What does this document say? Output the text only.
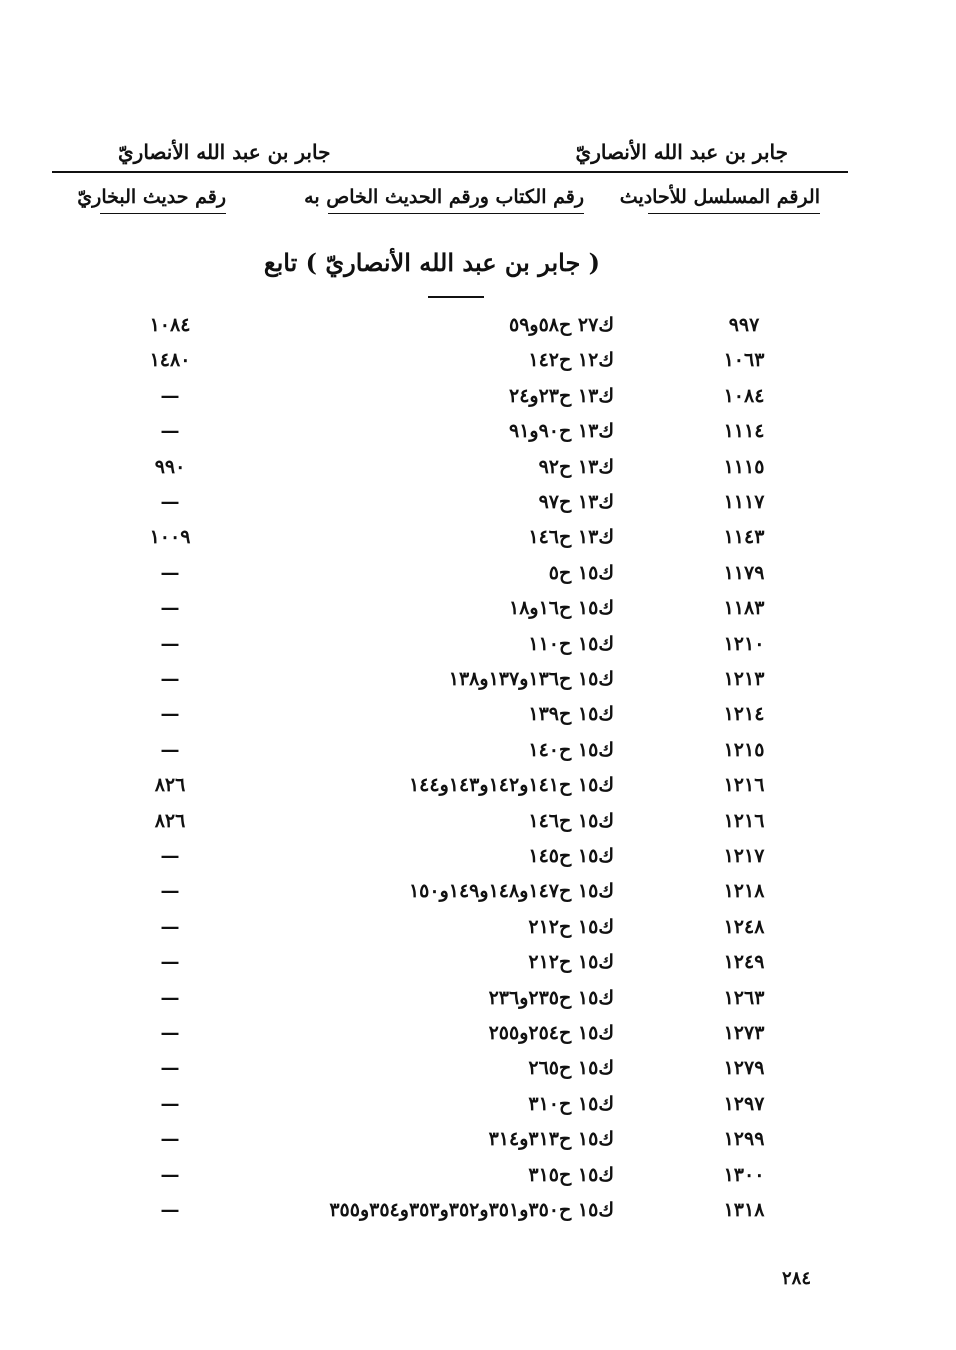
جابر بن عبد الله الأنصاريّ
جابر بن عبد الله الأنصاريّ
الرقم المسلسل للأحاديث
رقم الكتاب ورقم الحديث الخاص به
رقم حديث البخاريّ
( جابر بن عبد الله الأنصاريّ ) تابع
٩٩٧
ك٢٧ ح٥٨و٥٩
١٠٨٤
١٠٦٣
ك١٢ ح١٤٢
١٤٨٠
١٠٨٤
ك١٣ ح٢٣و٢٤
—
١١١٤
ك١٣ ح٩٠و٩١
—
١١١٥
ك١٣ ح٩٢
٩٩٠
١١١٧
ك١٣ ح٩٧
—
١١٤٣
ك١٣ ح١٤٦
١٠٠٩
١١٧٩
ك١٥ ح٥
—
١١٨٣
ك١٥ ح١٦و١٨
—
١٢١٠
ك١٥ ح١١٠
—
١٢١٣
ك١٥ ح١٣٦و١٣٧و١٣٨
—
١٢١٤
ك١٥ ح١٣٩
—
١٢١٥
ك١٥ ح١٤٠
—
١٢١٦
ك١٥ ح١٤١و١٤٢و١٤٣و١٤٤
٨٢٦
١٢١٦
ك١٥ ح١٤٦
٨٢٦
١٢١٧
ك١٥ ح١٤٥
—
١٢١٨
ك١٥ ح١٤٧و١٤٨و١٤٩و١٥٠
—
١٢٤٨
ك١٥ ح٢١٢
—
١٢٤٩
ك١٥ ح٢١٢
—
١٢٦٣
ك١٥ ح٢٣٥و٢٣٦
—
١٢٧٣
ك١٥ ح٢٥٤و٢٥٥
—
١٢٧٩
ك١٥ ح٢٦٥
—
١٢٩٧
ك١٥ ح٣١٠
—
١٢٩٩
ك١٥ ح٣١٣و٣١٤
—
١٣٠٠
ك١٥ ح٣١٥
—
١٣١٨
ك١٥ ح٣٥٠و٣٥١و٣٥٢و٣٥٣و٣٥٤و٣٥٥
—
٢٨٤
